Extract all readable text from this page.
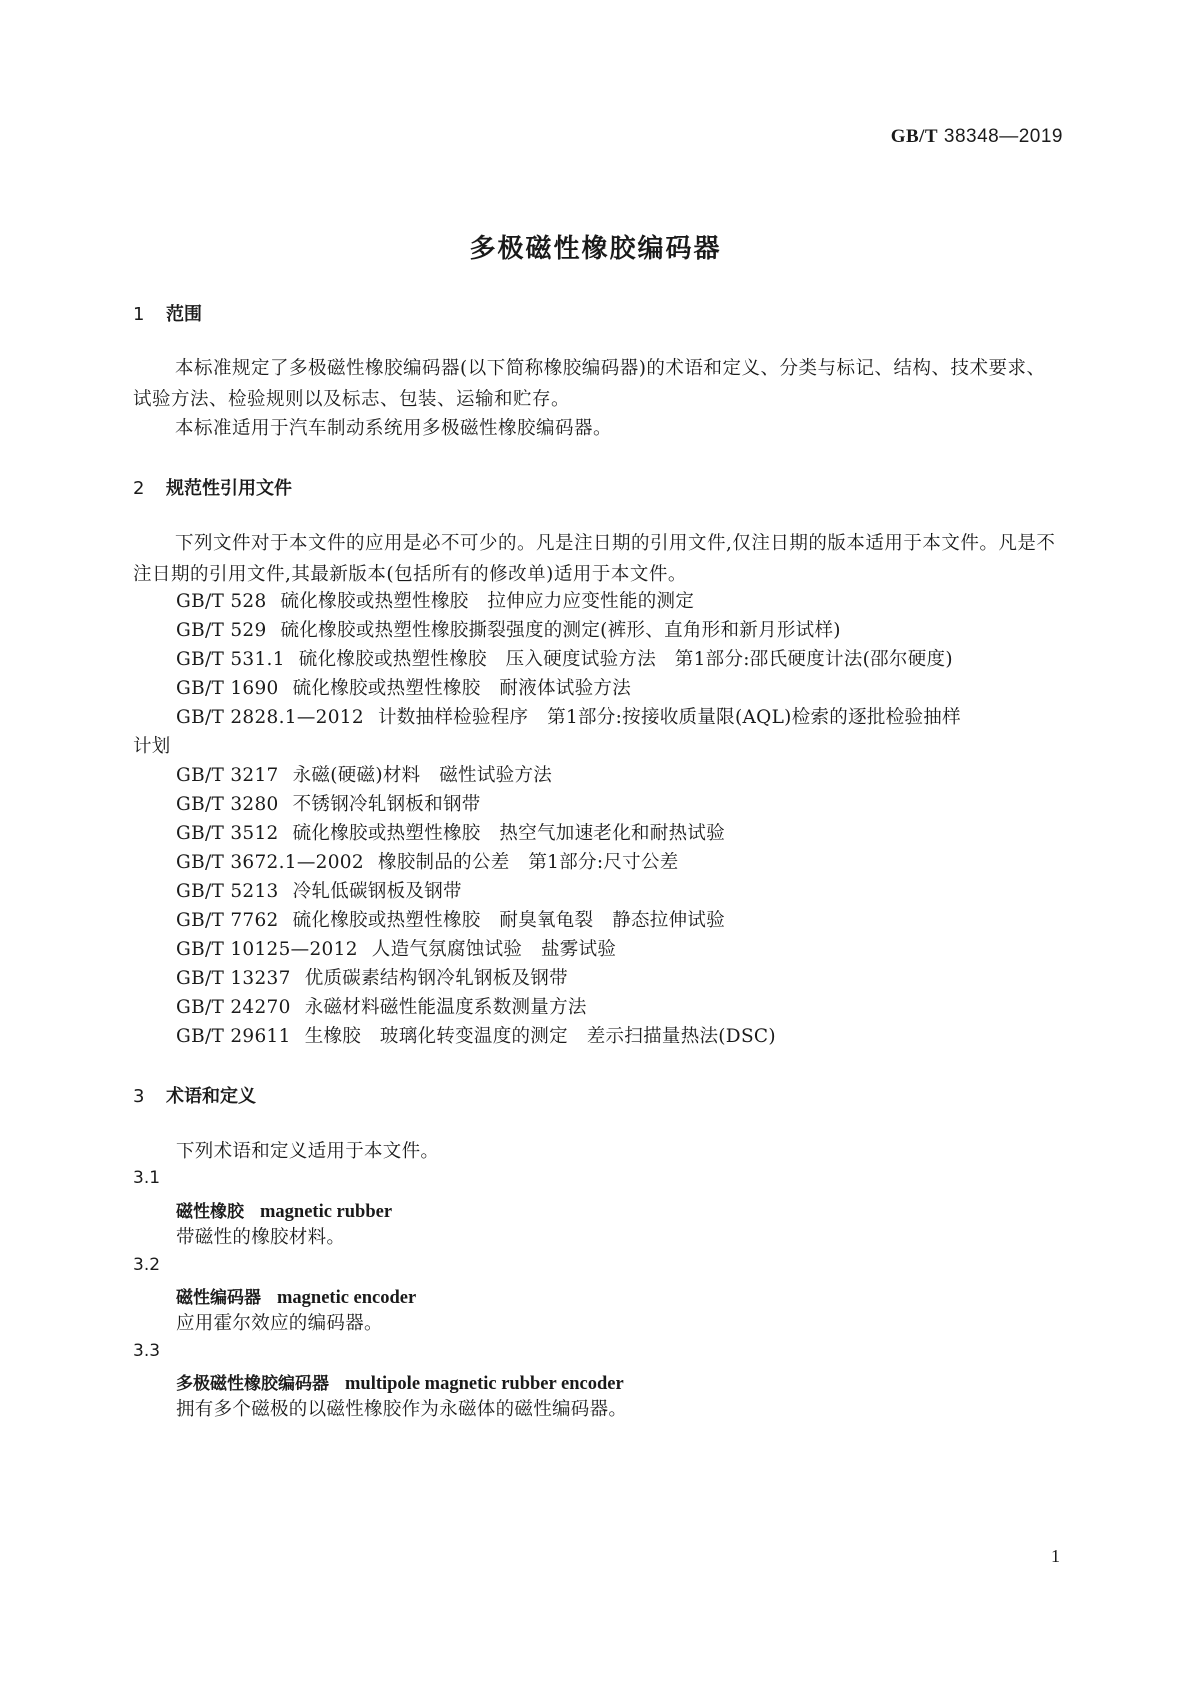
GB/T 38348—2019
多极磁性橡胶编码器
1 范围
本标准规定了多极磁性橡胶编码器(以下简称橡胶编码器)的术语和定义、分类与标记、结构、技术要求、试验方法、检验规则以及标志、包装、运输和贮存。
本标准适用于汽车制动系统用多极磁性橡胶编码器。
2 规范性引用文件
下列文件对于本文件的应用是必不可少的。凡是注日期的引用文件,仅注日期的版本适用于本文件。凡是不注日期的引用文件,其最新版本(包括所有的修改单)适用于本文件。
GB/T 528 硫化橡胶或热塑性橡胶　拉伸应力应变性能的测定
GB/T 529 硫化橡胶或热塑性橡胶撕裂强度的测定(裤形、直角形和新月形试样)
GB/T 531.1 硫化橡胶或热塑性橡胶　压入硬度试验方法　第1部分:邵氏硬度计法(邵尔硬度)
GB/T 1690 硫化橡胶或热塑性橡胶　耐液体试验方法
GB/T 2828.1—2012 计数抽样检验程序　第1部分:按接收质量限(AQL)检索的逐批检验抽样
计划
GB/T 3217 永磁(硬磁)材料　磁性试验方法
GB/T 3280 不锈钢冷轧钢板和钢带
GB/T 3512 硫化橡胶或热塑性橡胶　热空气加速老化和耐热试验
GB/T 3672.1—2002 橡胶制品的公差　第1部分:尺寸公差
GB/T 5213 冷轧低碳钢板及钢带
GB/T 7762 硫化橡胶或热塑性橡胶　耐臭氧龟裂　静态拉伸试验
GB/T 10125—2012 人造气氛腐蚀试验　盐雾试验
GB/T 13237 优质碳素结构钢冷轧钢板及钢带
GB/T 24270 永磁材料磁性能温度系数测量方法
GB/T 29611 生橡胶　玻璃化转变温度的测定　差示扫描量热法(DSC)
3 术语和定义
下列术语和定义适用于本文件。
3.1
磁性橡胶 magnetic rubber
带磁性的橡胶材料。
3.2
磁性编码器 magnetic encoder
应用霍尔效应的编码器。
3.3
多极磁性橡胶编码器 multipole magnetic rubber encoder
拥有多个磁极的以磁性橡胶作为永磁体的磁性编码器。
1
